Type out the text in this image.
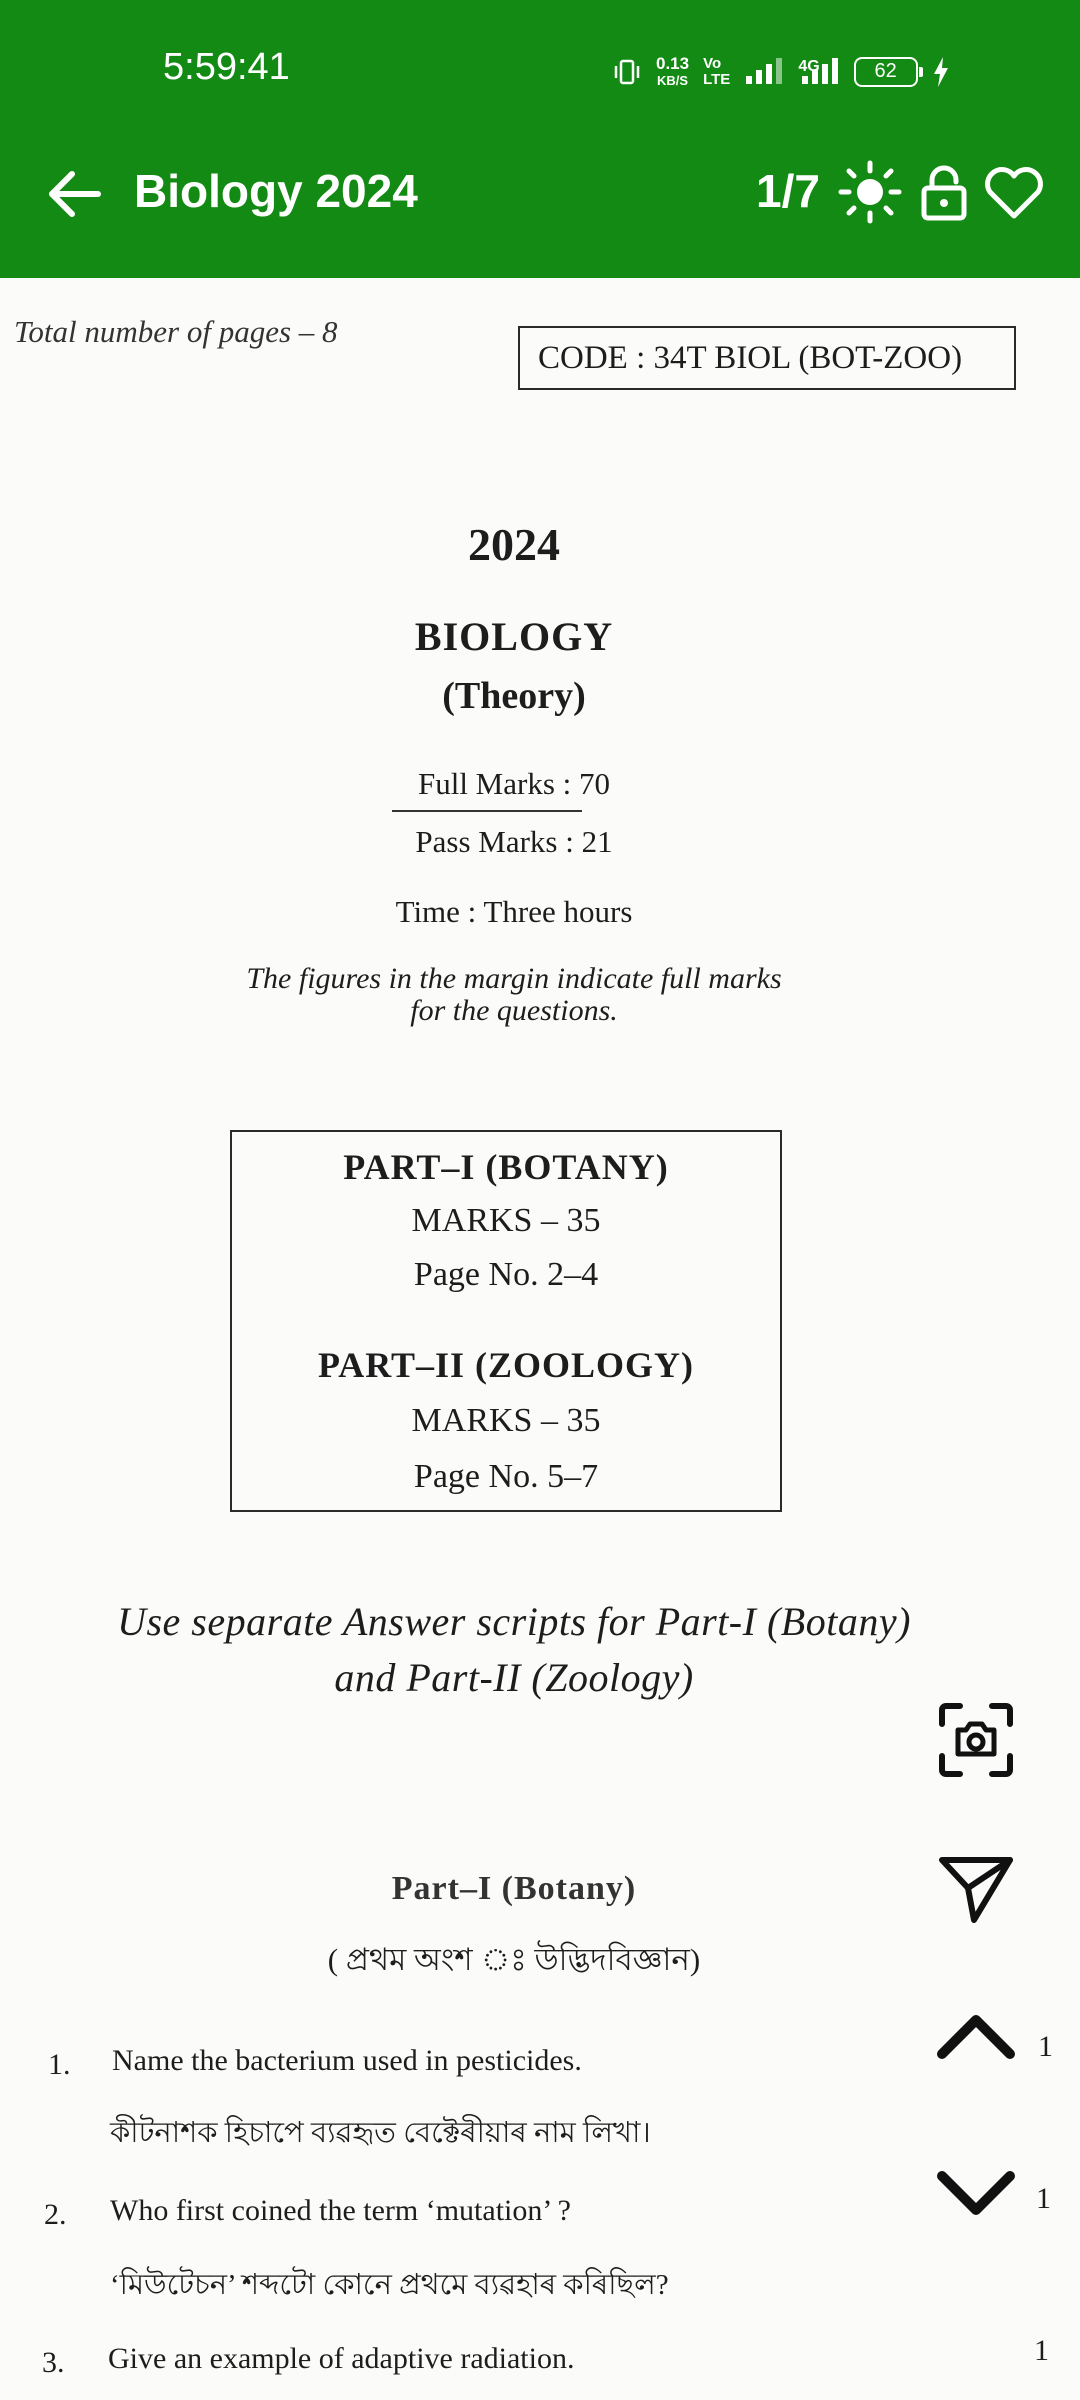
5:59:41	0.13
KB/S
Vo
LTE
4G	62
Biology 2024	1/7
Total number of pages – 8
CODE : 34T BIOL (BOT-ZOO)
2024
BIOLOGY
(Theory)
Full Marks : 70
Pass Marks : 21
Time : Three hours
The figures in the margin indicate full marks
for the questions.
PART–I (BOTANY)
MARKS – 35
Page No. 2–4
PART–II (ZOOLOGY)
MARKS – 35
Page No. 5–7
Use separate Answer scripts for Part-I (Botany)
and Part-II (Zoology)
Part–I (Botany)
( প্ৰথম অংশ ঃ উদ্ভিদবিজ্ঞান)
1. Name the bacterium used in pesticides.	1
কীটনাশক হিচাপে ব্যৱহৃত বেক্টেৰীয়াৰ নাম লিখা।
2. Who first coined the term ‘mutation’ ?	1
‘মিউটেচন’ শব্দটো কোনে প্ৰথমে ব্যৱহাৰ কৰিছিল?
3. Give an example of adaptive radiation.	1
